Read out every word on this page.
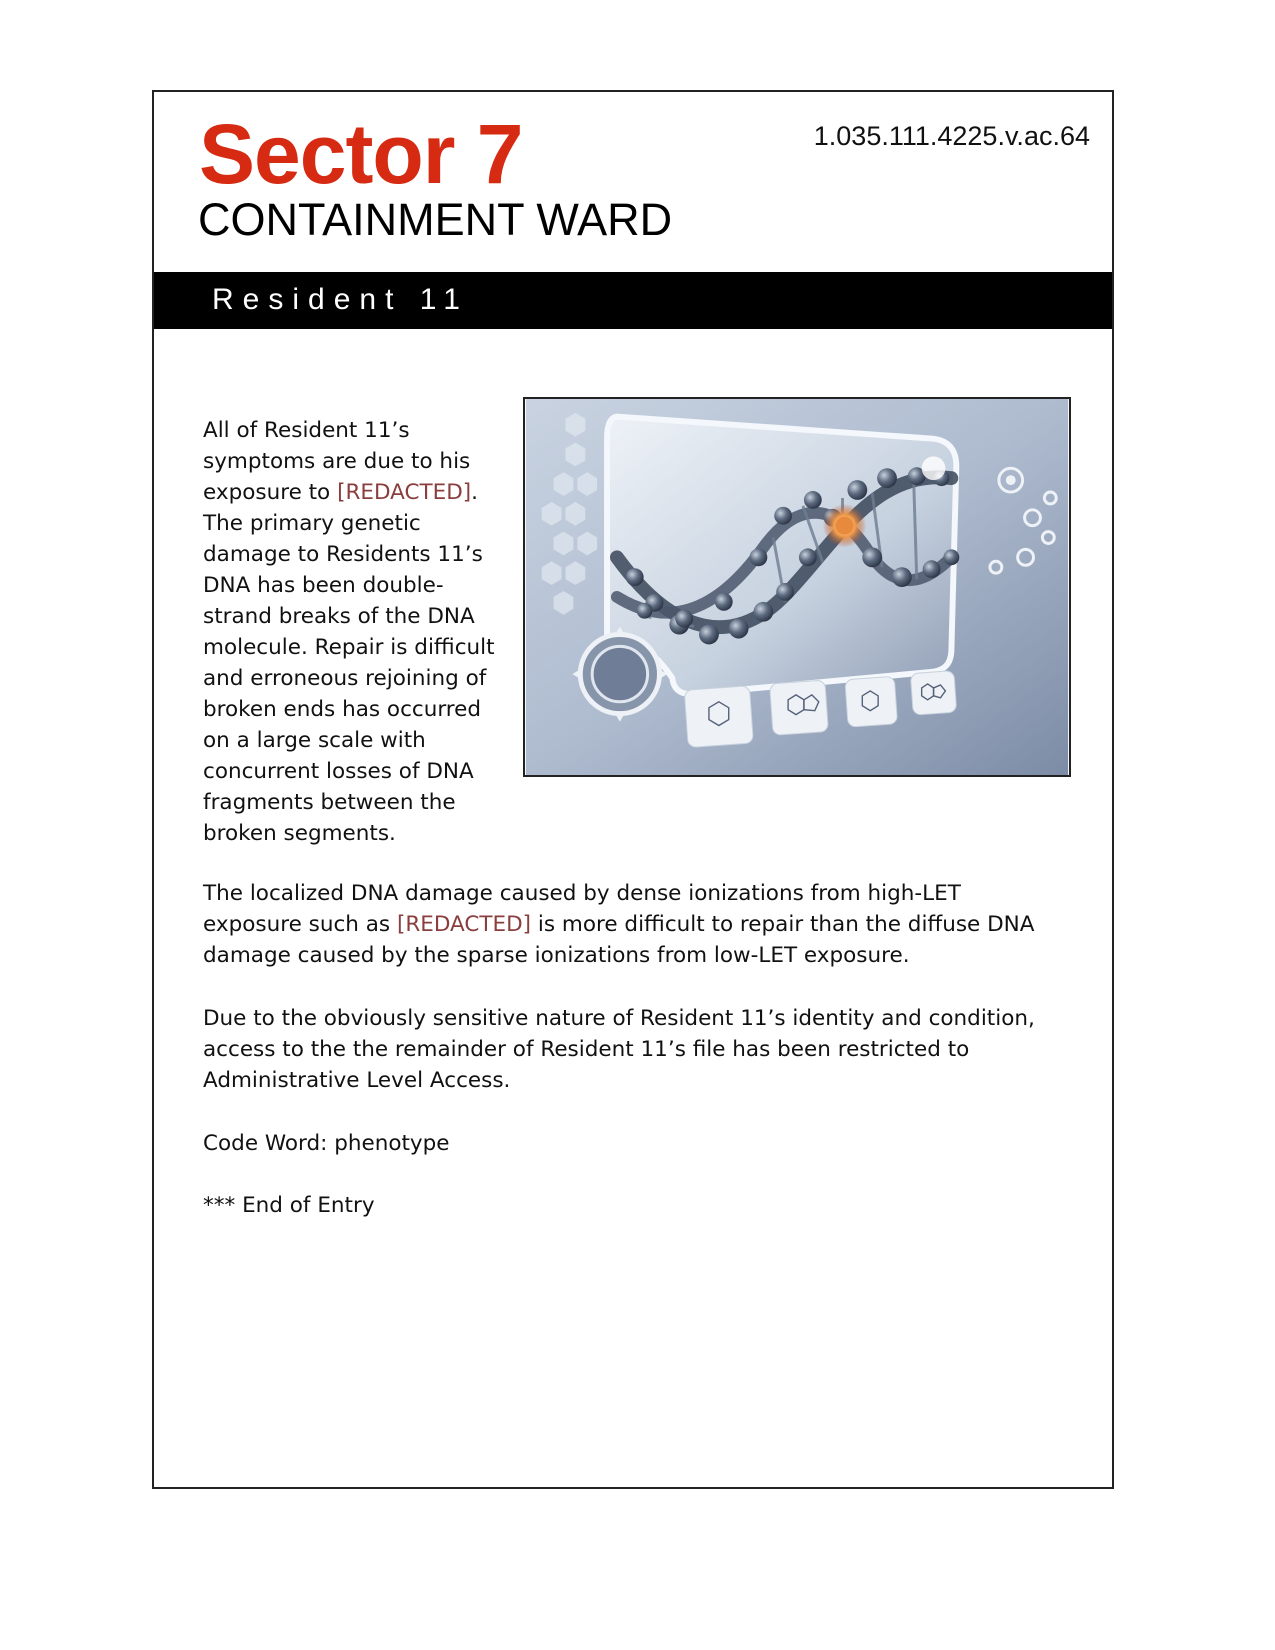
Sector 7
CONTAINMENT WARD
1.035.111.4225.v.ac.64
Resident 11

All of Resident 11’s symptoms are due to his exposure to [REDACTED]. The primary genetic damage to Residents 11’s DNA has been double-strand breaks of the DNA molecule. Repair is difficult and erroneous rejoining of broken ends has occurred on a large scale with concurrent losses of DNA fragments between the broken segments.

The localized DNA damage caused by dense ionizations from high-LET exposure such as [REDACTED] is more difficult to repair than the diffuse DNA damage caused by the sparse ionizations from low-LET exposure.

Due to the obviously sensitive nature of Resident 11’s identity and condition, access to the the remainder of Resident 11’s file has been restricted to Administrative Level Access.

Code Word: phenotype

*** End of Entry
